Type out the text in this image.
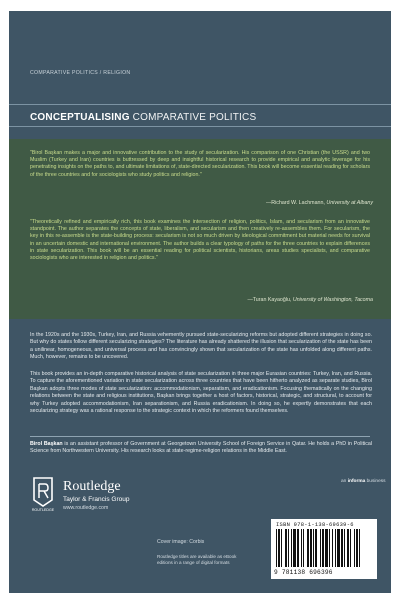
COMPARATIVE POLITICS / RELIGION
CONCEPTUALISING COMPARATIVE POLITICS

"Birol Başkan makes a major and innovative contribution to the study of secularization. His comparison of one Christian (the USSR) and two Muslim (Turkey and Iran) countries is buttressed by deep and insightful historical research to provide empirical and analytic leverage for his penetrating insights on the paths to, and ultimate limitations of, state-directed secularization. This book will become essential reading for scholars of the three countries and for sociologists who study politics and religion."

—Richard W. Lachmann, University at Albany

"Theoretically refined and empirically rich, this book examines the intersection of religion, politics, Islam, and secularism from an innovative standpoint. The author separates the concepts of state, liberalism, and secularism and then creatively re-assembles them. For secularism, the key in this re-assemble is the state-building process: secularism is not so much driven by ideological commitment but material needs for survival in an uncertain domestic and international environment. The author builds a clear typology of paths for the three countries to explain differences in state secularization. This book will be an essential reading for political scientists, historians, areas studies specialists, and comparative sociologists who are interested in religion and politics."

—Turan Kayaoğlu, University of Washington, Tacoma

In the 1920s and the 1930s, Turkey, Iran, and Russia vehemently pursued state-secularizing reforms but adopted different strategies in doing so. But why do states follow different secularizing strategies? The literature has already shattered the illusion that secularization of the state has been a unilinear, homogeneous, and universal process and has convincingly shown that secularization of the state has unfolded along different paths. Much, however, remains to be uncovered.

This book provides an in-depth comparative historical analysis of state secularization in three major Eurasian countries: Turkey, Iran, and Russia. To capture the aforementioned variation in state secularization across three countries that have been hitherto analyzed as separate studies, Birol Başkan adopts three modes of state secularization: accommodationism, separatism, and eradicationism. Focusing thematically on the changing relations between the state and religious institutions, Başkan brings together a host of factors, historical, strategic, and structural, to account for why Turkey adopted accommodationism, Iran separationism, and Russia eradicationism. In doing so, he expertly demonstrates that each secularizing strategy was a rational response to the strategic context in which the reformers found themselves.

Birol Başkan is an assistant professor of Government at Georgetown University School of Foreign Service in Qatar. He holds a PhD in Political Science from Northwestern University. His research looks at state-regime-religion relations in the Middle East.

ROUTLEDGE
Routledge
Taylor & Francis Group
www.routledge.com
an informa business
Cover image: Corbis
Routledge titles are available as eBook editions in a range of digital formats
ISBN 978-1-138-69639-6
9 781138 696396
